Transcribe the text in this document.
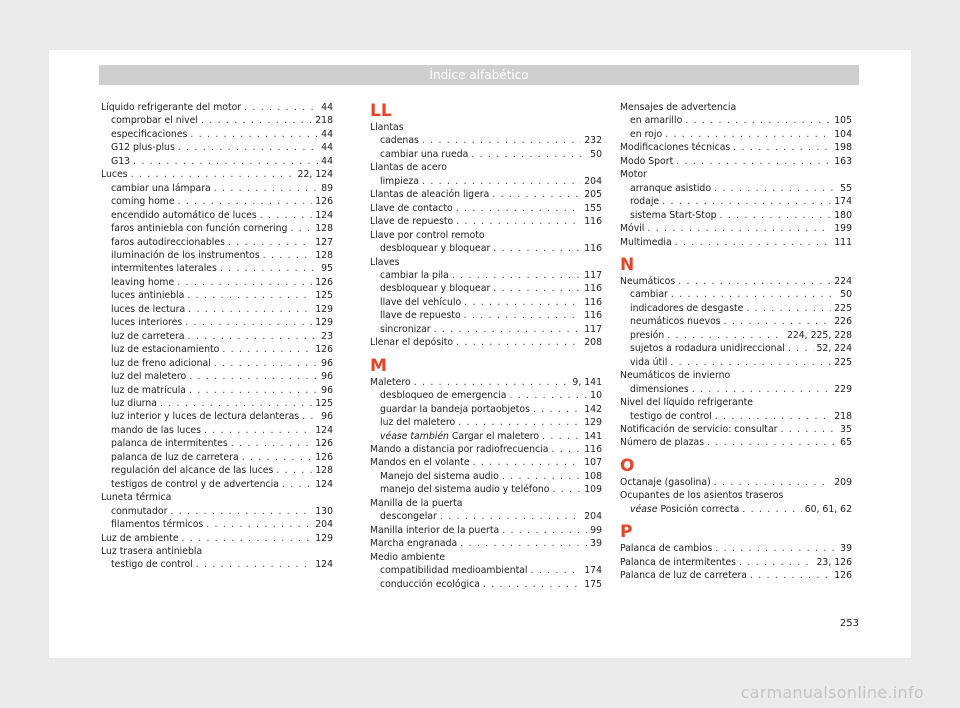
Índice alfabético
Líquido refrigerante del motor . . .	44
comprobar el nivel . . .	218
especificaciones . . .	44
G12 plus-plus . . .	44
G13 . . .	44
Luces . . .	22, 124
cambiar una lámpara . . .	89
coming home . . .	126
encendido automático de luces . . .	124
faros antiniebla con función cornering . . .	128
faros autodireccionables . . .	127
iluminación de los instrumentos . . .	128
intermitentes laterales . . .	95
leaving home . . .	126
luces antiniebla . . .	125
luces de lectura . . .	129
luces interiores . . .	129
luz de carretera . . .	23
luz de estacionamiento . . .	126
luz de freno adicional . . .	96
luz del maletero . . .	96
luz de matrícula . . .	96
luz diurna . . .	125
luz interior y luces de lectura delanteras . . . 96
mando de las luces . . .	124
palanca de intermitentes . . .	126
palanca de luz de carretera . . .	126
regulación del alcance de las luces . . .	128
testigos de control y de advertencia . . .	124
Luneta térmica
conmutador . . .	130
filamentos térmicos . . .	204
Luz de ambiente . . .	129
Luz trasera antiniebla
testigo de control . . .	124
LL
Llantas
cadenas . . .	232
cambiar una rueda . . .	50
Llantas de acero
limpieza . . .	204
Llantas de aleación ligera . . .	205
Llave de contacto . . .	155
Llave de repuesto . . .	116
Llave por control remoto
desbloquear y bloquear . . .	116
Llaves
cambiar la pila . . .	117
desbloquear y bloquear . . .	116
llave del vehículo . . .	116
llave de repuesto . . .	116
sincronizar . . .	117
Llenar el depósito . . .	208
M
Maletero . . .	9, 141
desbloqueo de emergencia . . .	10
guardar la bandeja portaobjetos . . .	142
luz del maletero . . .	129
véase también Cargar el maletero . . .	141
Mando a distancia por radiofrecuencia . . .	116
Mandos en el volante . . .	107
Manejo del sistema audio . . .	108
manejo del sistema audio y teléfono . . .	109
Manilla de la puerta
descongelar . . .	204
Manilla interior de la puerta . . .	99
Marcha engranada . . .	39
Medio ambiente
compatibilidad medioambiental . . .	174
conducción ecológica . . .	175
Mensajes de advertencia
en amarillo . . .	105
en rojo . . .	104
Modificaciones técnicas . . .	198
Modo Sport . . .	163
Motor
arranque asistido . . .	55
rodaje . . .	174
sistema Start-Stop . . .	180
Móvil . . .	199
Multimedia . . .	111
N
Neumáticos . . .	224
cambiar . . .	50
indicadores de desgaste . . .	225
neumáticos nuevos . . .	226
presión . . .	224, 225, 228
sujetos a rodadura unidireccional . . .	52, 224
vida útil . . .	225
Neumáticos de invierno
dimensiones . . .	229
Nivel del líquido refrigerante
testigo de control . . .	218
Notificación de servicio: consultar . . .	35
Número de plazas . . .	65
O
Octanaje (gasolina) . . .	209
Ocupantes de los asientos traseros
véase Posición correcta . . .	60, 61, 62
P
Palanca de cambios . . .	39
Palanca de intermitentes . . .	23, 126
Palanca de luz de carretera . . .	126
253
carmanualsonline.info
